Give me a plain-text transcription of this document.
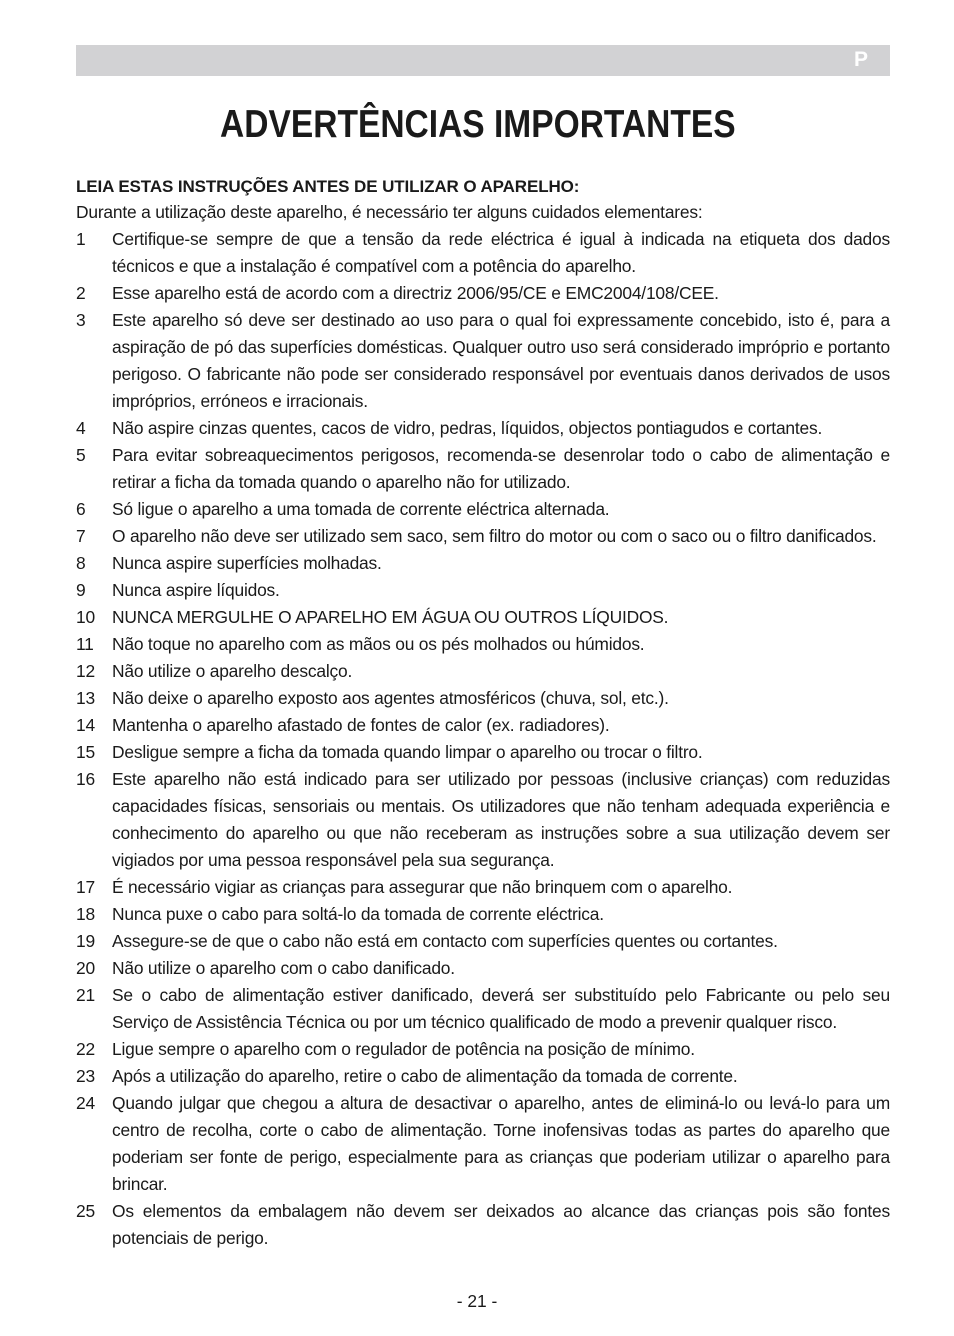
P
ADVERTÊNCIAS IMPORTANTES
LEIA ESTAS INSTRUÇÕES ANTES DE UTILIZAR O APARELHO:
Durante a utilização deste aparelho, é necessário ter alguns cuidados elementares:
1	Certifique-se sempre de que a tensão da rede eléctrica é igual à indicada na etiqueta dos dados técnicos e que a instalação é compatível com a potência do aparelho.
2	Esse aparelho está de acordo com a directriz 2006/95/CE e EMC2004/108/CEE.
3	Este aparelho só deve ser destinado ao uso para o qual foi expressamente concebido, isto é, para a aspiração de pó das superfícies domésticas. Qualquer outro uso será considerado impróprio e portanto perigoso. O fabricante não pode ser considerado responsável por eventuais danos derivados de usos impróprios, erróneos e irracionais.
4	Não aspire cinzas quentes, cacos de vidro, pedras, líquidos, objectos pontiagudos e cortantes.
5	Para evitar sobreaquecimentos perigosos, recomenda-se desenrolar todo o cabo de alimentação e retirar a ficha da tomada quando o aparelho não for utilizado.
6	Só ligue o aparelho a uma tomada de corrente eléctrica alternada.
7	O aparelho não deve ser utilizado sem saco, sem filtro do motor ou com o saco ou o filtro danificados.
8	Nunca aspire superfícies molhadas.
9	Nunca aspire líquidos.
10 NUNCA MERGULHE O APARELHO EM ÁGUA OU OUTROS LÍQUIDOS.
11	Não toque no aparelho com as mãos ou os pés molhados ou húmidos.
12 Não utilize o aparelho descalço.
13 Não deixe o aparelho exposto aos agentes atmosféricos (chuva, sol, etc.).
14 Mantenha o aparelho afastado de fontes de calor (ex. radiadores).
15 Desligue sempre a ficha da tomada quando limpar o aparelho ou trocar o filtro.
16 Este aparelho não está indicado para ser utilizado por pessoas (inclusive crianças) com reduzidas capacidades físicas, sensoriais ou mentais. Os utilizadores que não tenham adequada experiência e conhecimento do aparelho ou que não receberam as instruções sobre a sua utilização devem ser vigiados por uma pessoa responsável pela sua segurança.
17 É necessário vigiar as crianças para assegurar que não brinquem com o aparelho.
18 Nunca puxe o cabo para soltá-lo da tomada de corrente eléctrica.
19 Assegure-se de que o cabo não está em contacto com superfícies quentes ou cortantes.
20 Não utilize o aparelho com o cabo danificado.
21 Se o cabo de alimentação estiver danificado, deverá ser substituído pelo Fabricante ou pelo seu Serviço de Assistência Técnica ou por um técnico qualificado de modo a prevenir qualquer risco.
22 Ligue sempre o aparelho com o regulador de potência na posição de mínimo.
23 Após a utilização do aparelho, retire o cabo de alimentação da tomada de corrente.
24 Quando julgar que chegou a altura de desactivar o aparelho, antes de eliminá-lo ou levá-lo para um centro de recolha, corte o cabo de alimentação. Torne inofensivas todas as partes do aparelho que poderiam ser fonte de perigo, especialmente para as crianças que poderiam utilizar o aparelho para brincar.
25 Os elementos da embalagem não devem ser deixados ao alcance das crianças pois são fontes potenciais de perigo.
- 21 -
